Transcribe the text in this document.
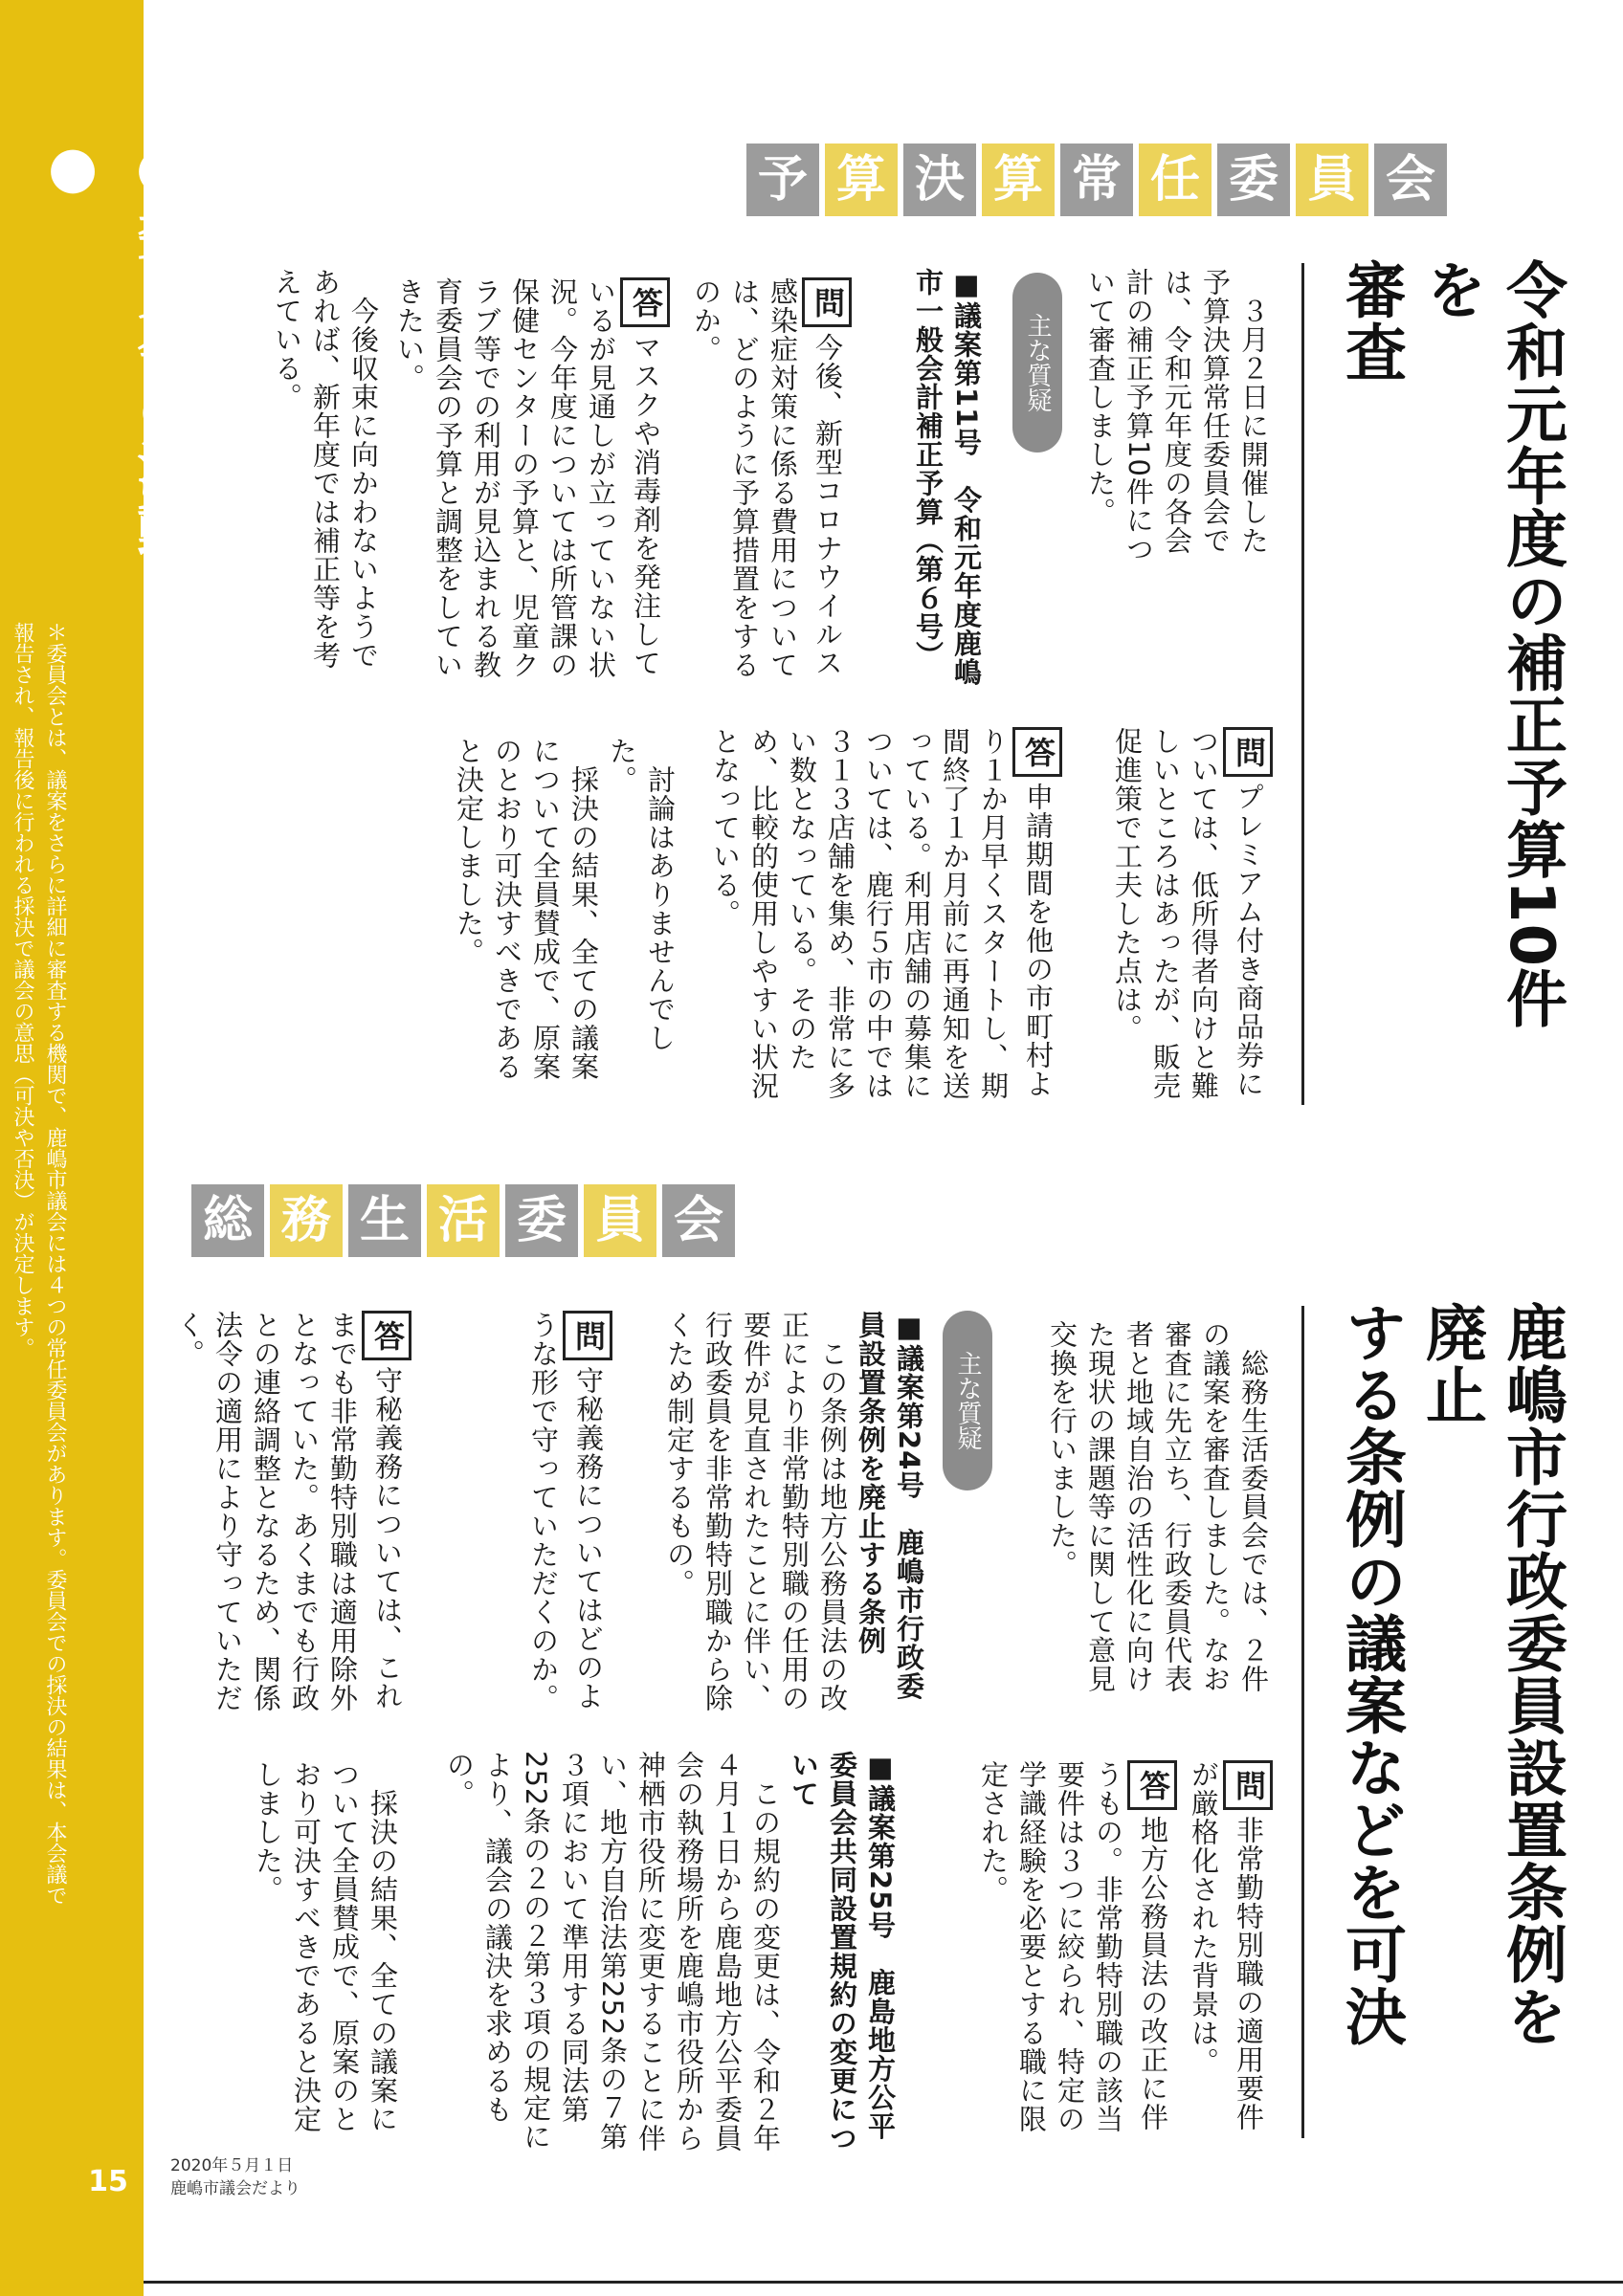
●委員会の活動●
＊委員会とは、議案をさらに詳細に審査する機関で、鹿嶋市議会には４つの常任委員会があります。委員会での採決の結果は、本会議で報告され、報告後に行われる採決で議会の意思（可決や否決）が決定します。
15	2020年５月１日
鹿嶋市議会だより
予 算 決 算 常 任 委 員 会
令和元年度の補正予算10件を
審査
　３月２日に開催した予算決算常任委員会では、令和元年度の各会計の補正予算10件について審査しました。
主な質疑
■議案第11号　令和元年度鹿嶋市一般会計補正予算（第６号）
問今後、新型コロナウイルス感染症対策に係る費用については、どのように予算措置をするのか。
答マスクや消毒剤を発注しているが見通しが立っていない状況。今年度については所管課の保健センターの予算と、児童クラブ等での利用が見込まれる教育委員会の予算と調整をしていきたい。
　今後収束に向かわないようであれば、新年度では補正等を考えている。
問プレミアム付き商品券については、低所得者向けと難しいところはあったが、販売促進策で工夫した点は。
答申請期間を他の市町村より１か月早くスタートし、期間終了１か月前に再通知を送っている。利用店舗の募集については、鹿行５市の中では３１３店舗を集め、非常に多い数となっている。そのため、比較的使用しやすい状況となっている。
　討論はありませんでした。
　採決の結果、全ての議案について全員賛成で、原案のとおり可決すべきであると決定しました。
総 務 生 活 委 員 会
鹿嶋市行政委員設置条例を廃止
する条例の議案などを可決
　総務生活委員会では、２件の議案を審査しました。なお審査に先立ち、行政委員代表者と地域自治の活性化に向けた現状の課題等に関して意見交換を行いました。
主な質疑
■議案第24号　鹿嶋市行政委員設置条例を廃止する条例
　この条例は地方公務員法の改正により非常勤特別職の任用の要件が見直されたことに伴い、行政委員を非常勤特別職から除くため制定するもの。
問守秘義務についてはどのような形で守っていただくのか。
答守秘義務については、これまでも非常勤特別職は適用除外となっていた。あくまでも行政との連絡調整となるため、関係法令の適用により守っていただく。
問非常勤特別職の適用要件が厳格化された背景は。
答地方公務員法の改正に伴うもの。非常勤特別職の該当要件は３つに絞られ、特定の学識経験を必要とする職に限定された。
■議案第25号　鹿島地方公平委員会共同設置規約の変更について
　この規約の変更は、令和２年４月１日から鹿島地方公平委員会の執務場所を鹿嶋市役所から神栖市役所に変更することに伴い、地方自治法第252条の７第３項において準用する同法第252条の２の２第３項の規定により、議会の議決を求めるもの。
　採決の結果、全ての議案について全員賛成で、原案のとおり可決すべきであると決定しました。
